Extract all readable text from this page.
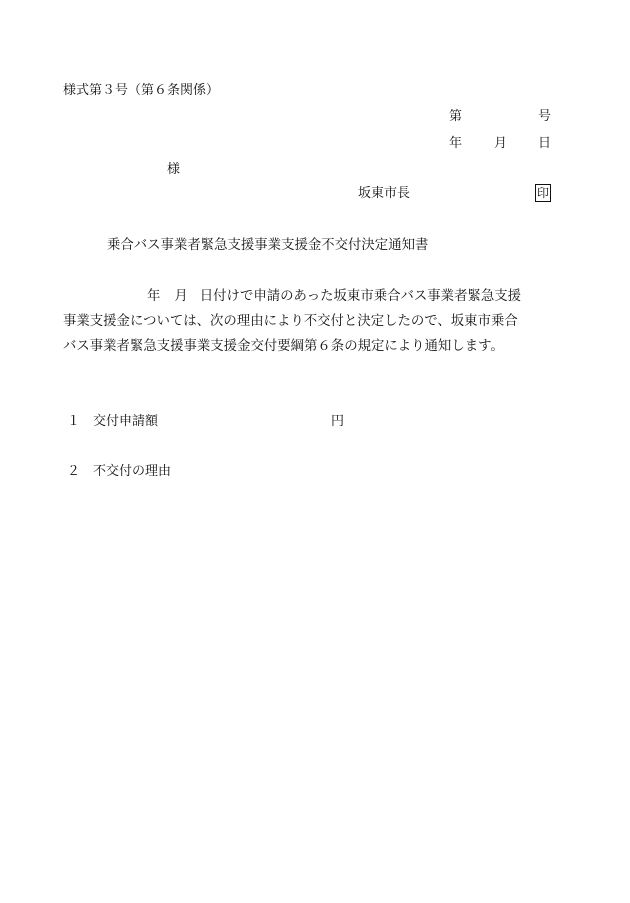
様式第３号（第６条関係）
第	号
年 月 日
様
坂東市長	印
乗合バス事業者緊急支援事業支援金不交付決定通知書
年 月 日付けで申請のあった坂東市乗合バス事業者緊急支援
事業支援金については、次の理由により不交付と決定したので、坂東市乗合
バス事業者緊急支援事業支援金交付要綱第６条の規定により通知します。
１ 交付申請額	円
２ 不交付の理由
